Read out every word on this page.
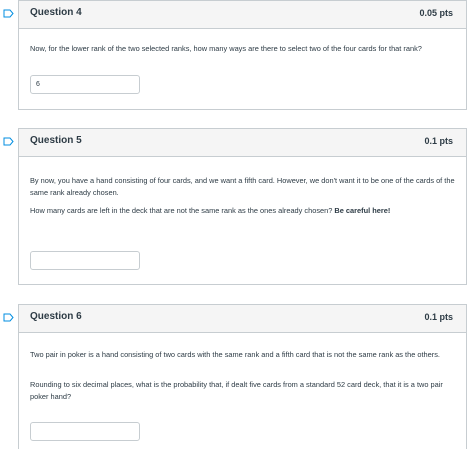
Question 4	0.05 pts
Now, for the lower rank of the two selected ranks, how many ways are there to select two of the four cards for that rank?
6
Question 5	0.1 pts
By now, you have a hand consisting of four cards, and we want a fifth card. However, we don't want it to be one of the cards of the same rank already chosen.
How many cards are left in the deck that are not the same rank as the ones already chosen? Be careful here!
Question 6	0.1 pts
Two pair in poker is a hand consisting of two cards with the same rank and a fifth card that is not the same rank as the others.
Rounding to six decimal places, what is the probability that, if dealt five cards from a standard 52 card deck, that it is a two pair poker hand?
